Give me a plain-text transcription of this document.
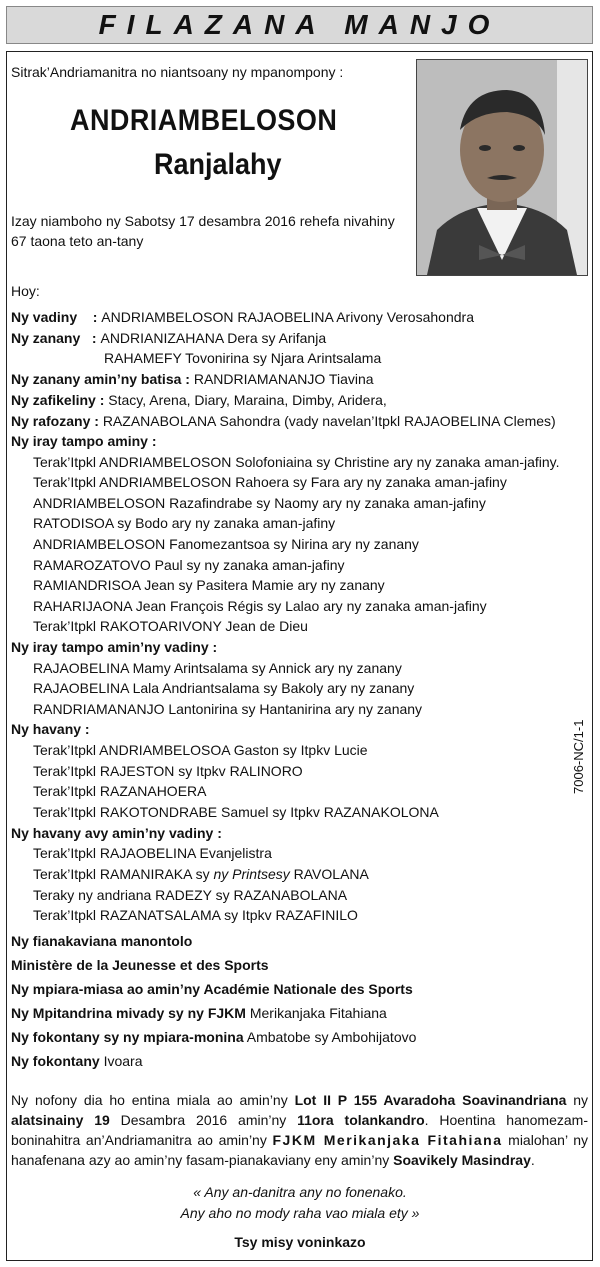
FILAZANA MANJO
Sitrak’Andriamanitra no niantsoany ny mpanompony :
ANDRIAMBELOSON
Ranjalahy
Izay niamboho ny Sabotsy 17 desambra 2016 rehefa nivahiny 67 taona teto an-tany
Hoy:
Ny vadiny    : ANDRIAMBELOSON RAJAOBELINA Arivony Verosahondra
Ny zanany   : ANDRIANIZAHANA Dera sy Arifanja
RAHAMEFY Tovonirina sy Njara Arintsalama
Ny zanany amin’ny batisa : RANDRIAMANANJO Tiavina
Ny zafikeliny : Stacy, Arena, Diary, Maraina, Dimby, Aridera,
Ny rafozany : RAZANABOLANA Sahondra (vady navelan’Itpkl RAJAOBELINA Clemes)
Ny iray tampo aminy :
Terak’Itpkl ANDRIAMBELOSON Solofoniaina sy Christine ary ny zanaka aman-jafiny.
Terak’Itpkl ANDRIAMBELOSON Rahoera sy Fara ary ny zanaka aman-jafiny
ANDRIAMBELOSON Razafindrabe sy Naomy ary ny zanaka aman-jafiny
RATODISOA sy Bodo ary ny zanaka aman-jafiny
ANDRIAMBELOSON Fanomezantsoa sy Nirina ary ny zanany
RAMAROZATOVO Paul sy ny zanaka aman-jafiny
RAMIANDRISOA Jean sy Pasitera Mamie ary ny zanany
RAHARIJAONA Jean François Régis sy Lalao ary ny zanaka aman-jafiny
Terak’Itpkl RAKOTOARIVONY Jean de Dieu
Ny iray tampo amin’ny vadiny :
RAJAOBELINA Mamy Arintsalama sy Annick ary ny zanany
RAJAOBELINA Lala Andriantsalama sy Bakoly ary ny zanany
RANDRIAMANANJO Lantonirina sy Hantanirina ary ny zanany
Ny havany :
Terak’Itpkl ANDRIAMBELOSOA Gaston sy Itpkv Lucie
Terak’Itpkl RAJESTON sy Itpkv RALINORO
Terak’Itpkl RAZANAHOERA
Terak’Itpkl RAKOTONDRABE Samuel sy Itpkv RAZANAKOLONA
Ny havany avy amin’ny vadiny :
Terak’Itpkl RAJAOBELINA Evanjelistra
Terak’Itpkl RAMANIRAKA sy ny Printsesy RAVOLANA
Teraky ny andriana RADEZY sy RAZANABOLANA
Terak’Itpkl RAZANATSALAMA sy Itpkv RAZAFINILO
Ny fianakaviana manontolo
Ministère de la Jeunesse et des Sports
Ny mpiara-miasa ao amin’ny Académie Nationale des Sports
Ny Mpitandrina mivady sy ny FJKM Merikanjaka Fitahiana
Ny fokontany sy ny mpiara-monina Ambatobe sy Ambohijatovo
Ny fokontany Ivoara
Ny nofony dia ho entina miala ao amin’ny Lot II P 155 Avaradoha Soavinandriana ny alatsinainy 19 Desambra 2016 amin’ny 11ora tolankandro. Hoentina hanomezam-boninahitra an’Andriamanitra ao amin’ny FJKM Merikanjaka Fitahiana mialohan’ ny hanafenana azy ao amin’ny fasam-pianakaviany eny amin’ny Soavikely Masindray.
« Any an-danitra any no fonenako.
Any aho no mody raha vao miala ety »
Tsy misy voninkazo
7006-NC/1-1
